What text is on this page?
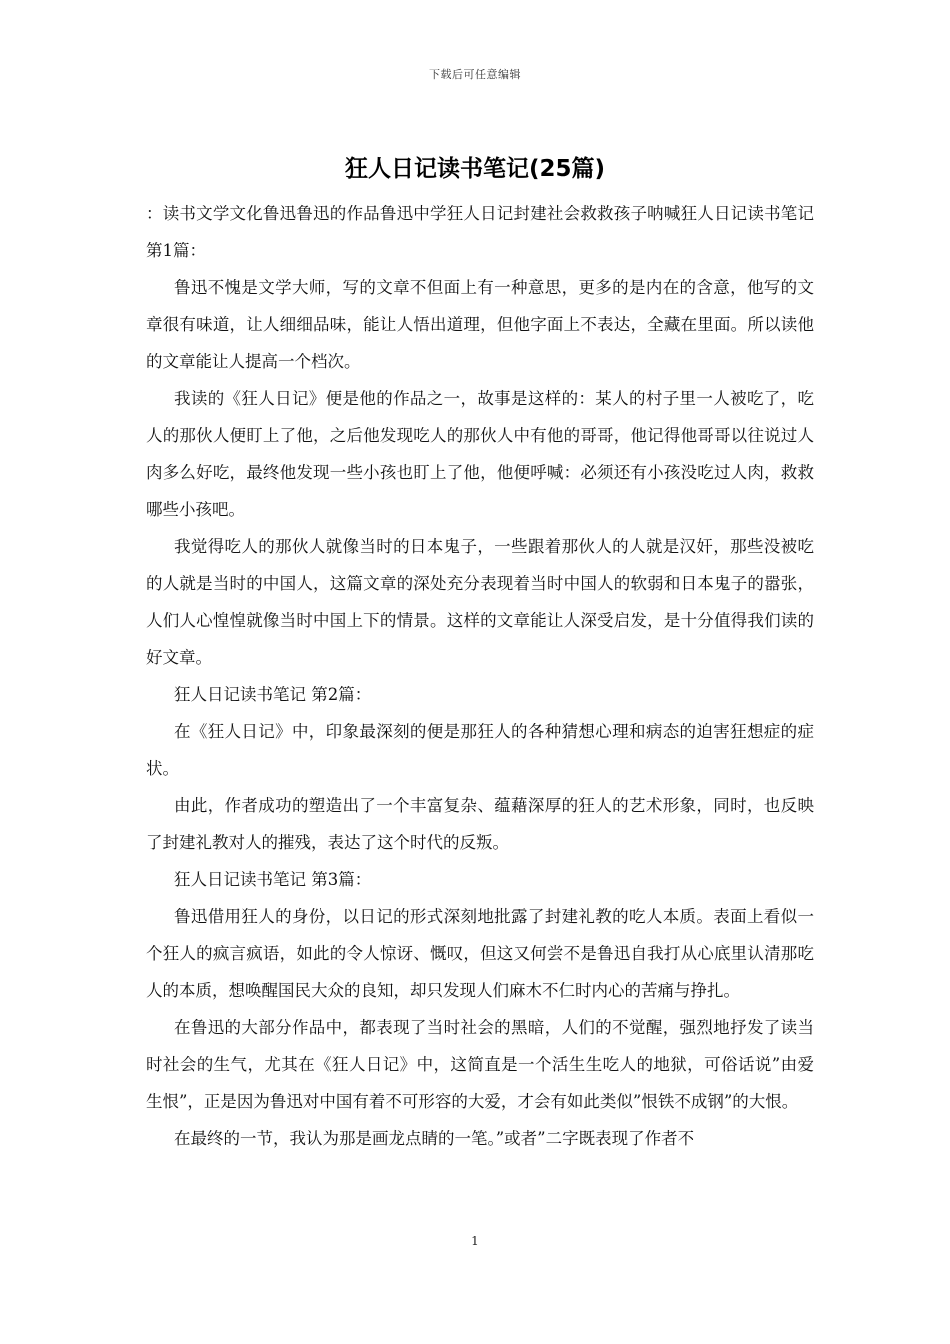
下载后可任意编辑
狂人日记读书笔记(25篇)

：读书文学文化鲁迅鲁迅的作品鲁迅中学狂人日记封建社会救救孩子呐喊狂人日记读书笔记 第1篇：

鲁迅不愧是文学大师，写的文章不但面上有一种意思，更多的是内在的含意，他写的文章很有味道，让人细细品味，能让人悟出道理，但他字面上不表达，全藏在里面。所以读他的文章能让人提高一个档次。

我读的《狂人日记》便是他的作品之一，故事是这样的：某人的村子里一人被吃了，吃人的那伙人便盯上了他，之后他发现吃人的那伙人中有他的哥哥，他记得他哥哥以往说过人肉多么好吃，最终他发现一些小孩也盯上了他，他便呼喊：必须还有小孩没吃过人肉，救救哪些小孩吧。

我觉得吃人的那伙人就像当时的日本鬼子，一些跟着那伙人的人就是汉奸，那些没被吃的人就是当时的中国人，这篇文章的深处充分表现着当时中国人的软弱和日本鬼子的嚣张，人们人心惶惶就像当时中国上下的情景。这样的文章能让人深受启发，是十分值得我们读的好文章。

狂人日记读书笔记 第2篇：

在《狂人日记》中，印象最深刻的便是那狂人的各种猜想心理和病态的迫害狂想症的症状。

由此，作者成功的塑造出了一个丰富复杂、蕴藉深厚的狂人的艺术形象，同时，也反映了封建礼教对人的摧残，表达了这个时代的反叛。

狂人日记读书笔记 第3篇：

鲁迅借用狂人的身份，以日记的形式深刻地批露了封建礼教的吃人本质。表面上看似一个狂人的疯言疯语，如此的令人惊讶、慨叹，但这又何尝不是鲁迅自我打从心底里认清那吃人的本质，想唤醒国民大众的良知，却只发现人们麻木不仁时内心的苦痛与挣扎。

在鲁迅的大部分作品中，都表现了当时社会的黑暗，人们的不觉醒，强烈地抒发了读当时社会的生气，尤其在《狂人日记》中，这简直是一个活生生吃人的地狱，可俗话说”由爱生恨”，正是因为鲁迅对中国有着不可形容的大爱，才会有如此类似”恨铁不成钢”的大恨。

在最终的一节，我认为那是画龙点睛的一笔。”或者”二字既表现了作者不

1
